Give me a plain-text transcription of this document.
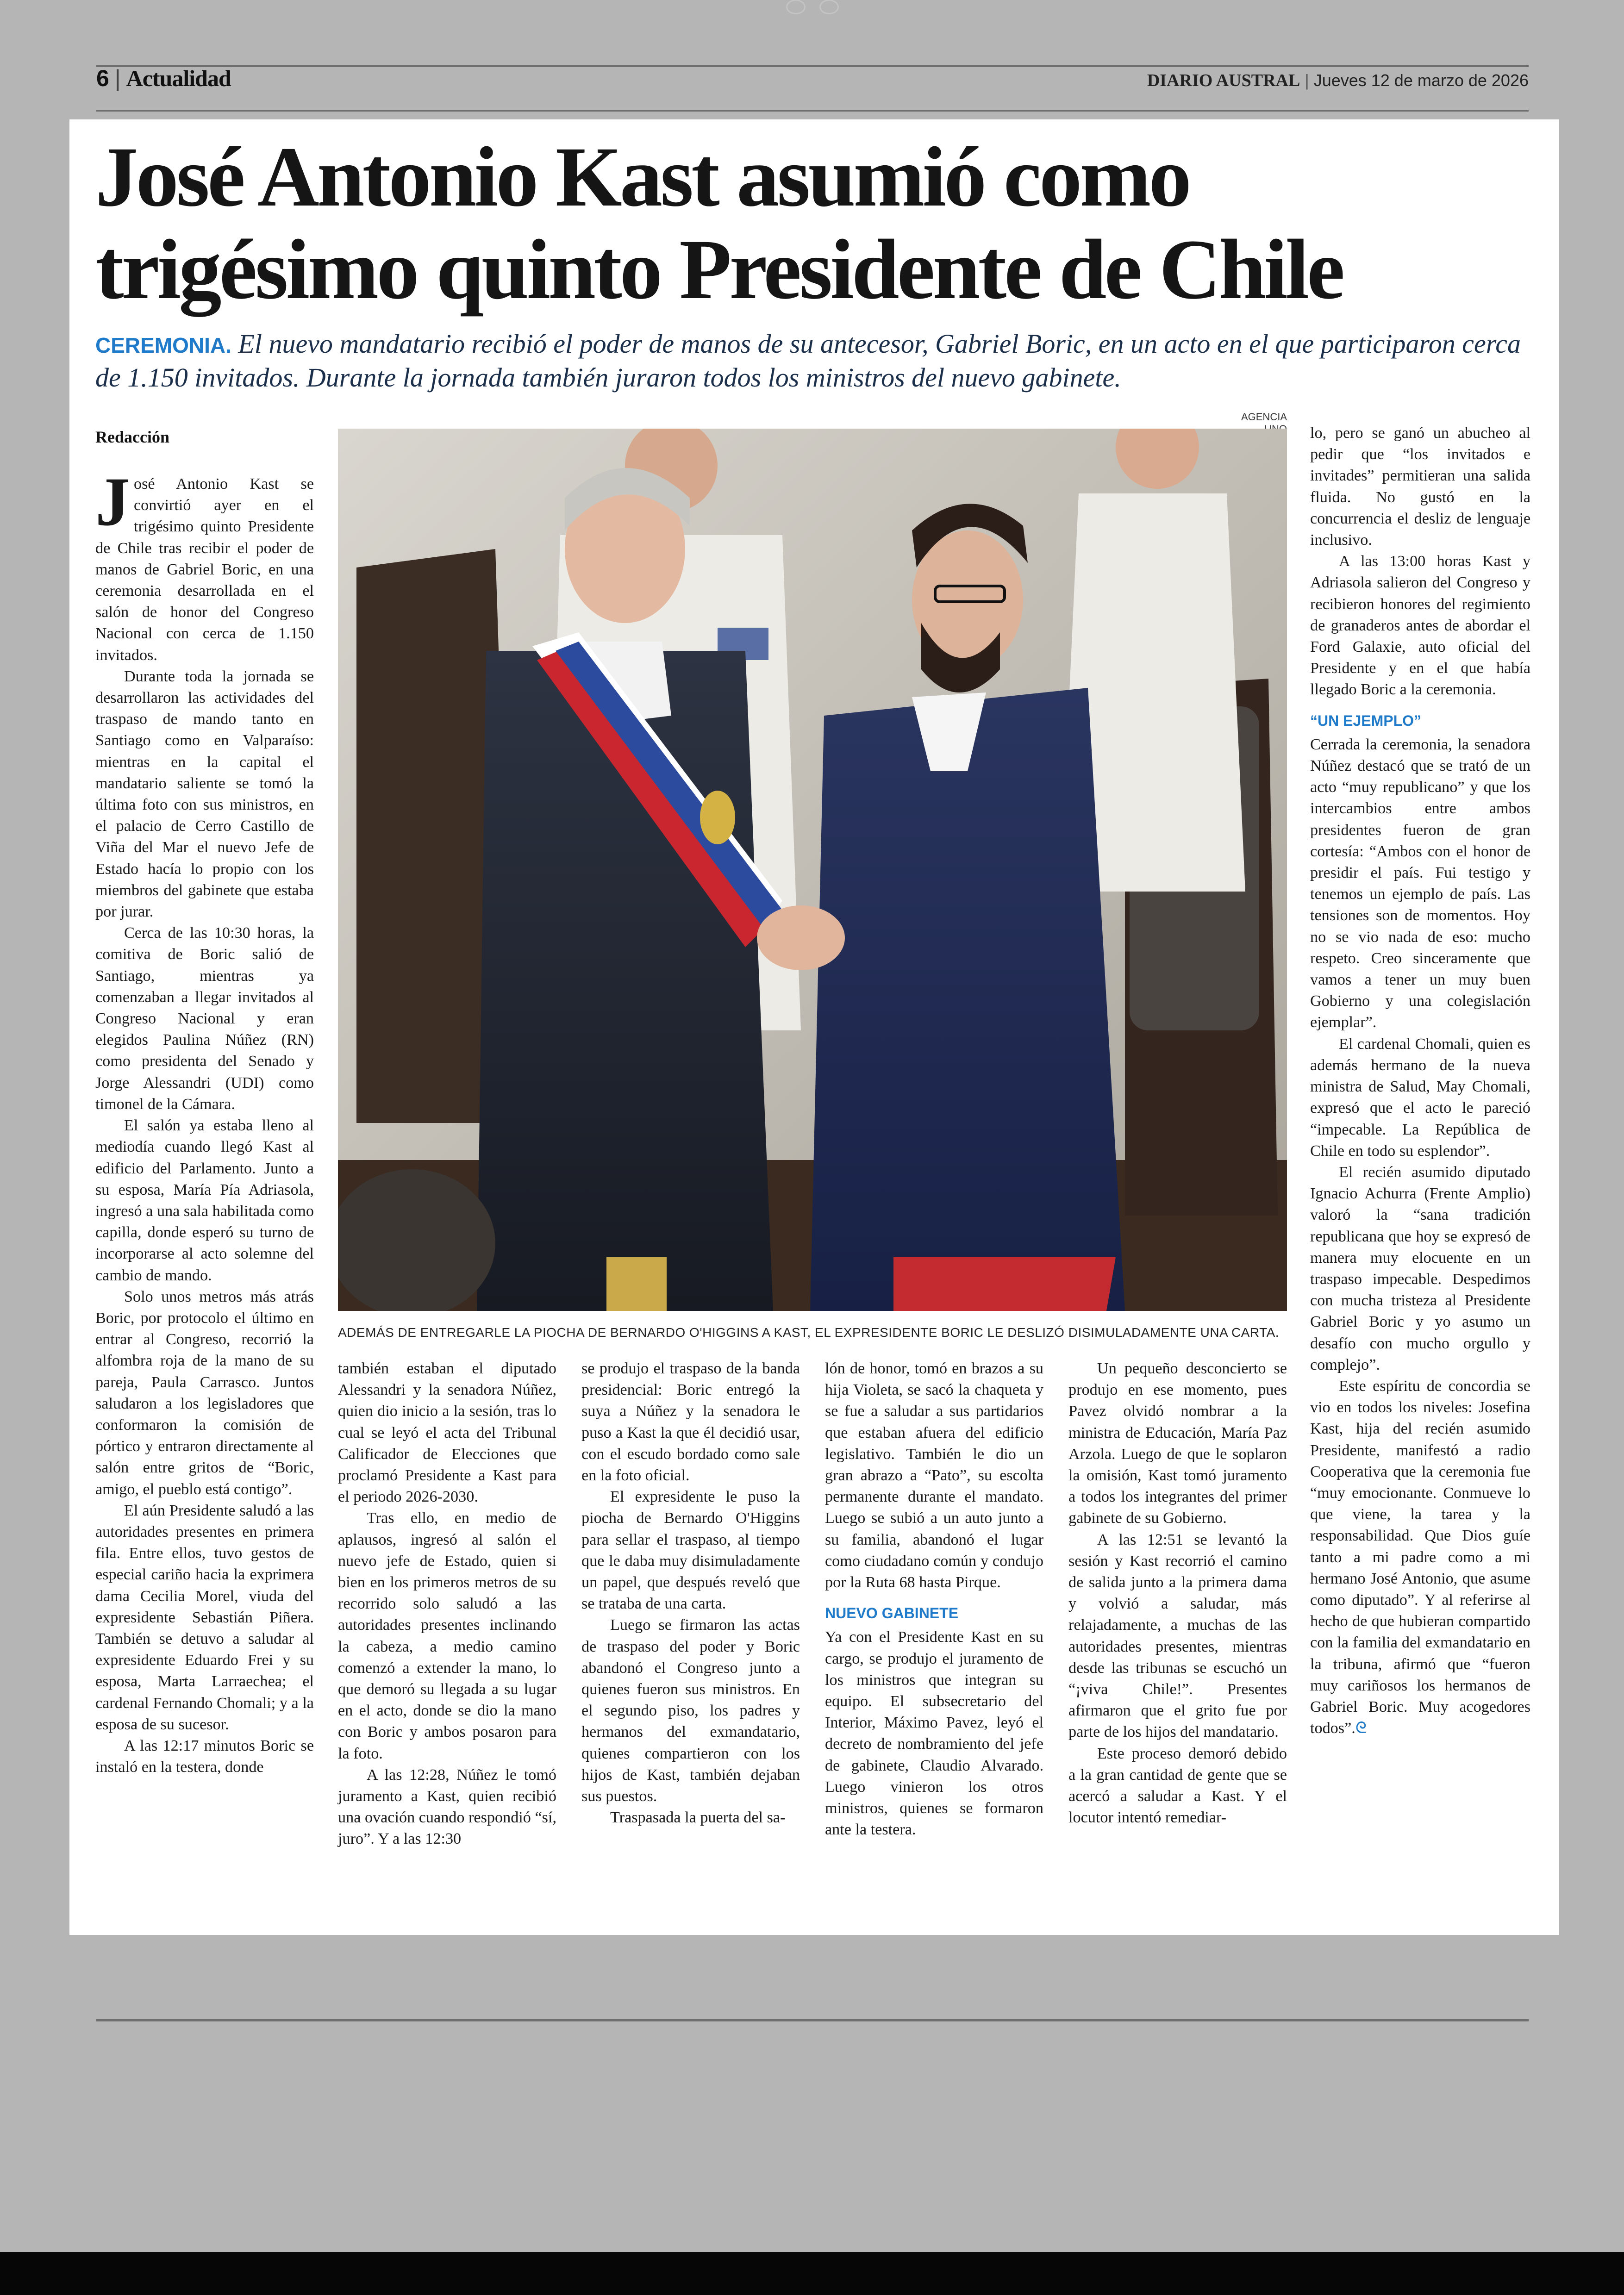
6 | Actualidad	DIARIO AUSTRAL | Jueves 12 de marzo de 2026
José Antonio Kast asumió como
trigésimo quinto Presidente de Chile
CEREMONIA. El nuevo mandatario recibió el poder de manos de su antecesor, Gabriel Boric, en un acto en el que participaron cerca de 1.150 invitados. Durante la jornada también juraron todos los ministros del nuevo gabinete.
Redacción

José Antonio Kast se convirtió ayer en el trigésimo quinto Presidente de Chile tras recibir el poder de manos de Gabriel Boric, en una ceremonia desarrollada en el salón de honor del Congreso Nacional con cerca de 1.150 invitados.

Durante toda la jornada se desarrollaron las actividades del traspaso de mando tanto en Santiago como en Valparaíso: mientras en la capital el mandatario saliente se tomó la última foto con sus ministros, en el palacio de Cerro Castillo de Viña del Mar el nuevo Jefe de Estado hacía lo propio con los miembros del gabinete que estaba por jurar.

Cerca de las 10:30 horas, la comitiva de Boric salió de Santiago, mientras ya comenzaban a llegar invitados al Congreso Nacional y eran elegidos Paulina Núñez (RN) como presidenta del Senado y Jorge Alessandri (UDI) como timonel de la Cámara.

El salón ya estaba lleno al mediodía cuando llegó Kast al edificio del Parlamento. Junto a su esposa, María Pía Adriasola, ingresó a una sala habilitada como capilla, donde esperó su turno de incorporarse al acto solemne del cambio de mando.

Solo unos metros más atrás Boric, por protocolo el último en entrar al Congreso, recorrió la alfombra roja de la mano de su pareja, Paula Carrasco. Juntos saludaron a los legisladores que conformaron la comisión de pórtico y entraron directamente al salón entre gritos de “Boric, amigo, el pueblo está contigo”.

El aún Presidente saludó a las autoridades presentes en primera fila. Entre ellos, tuvo gestos de especial cariño hacia la exprimera dama Cecilia Morel, viuda del expresidente Sebastián Piñera. También se detuvo a saludar al expresidente Eduardo Frei y su esposa, Marta Larraechea; el cardenal Fernando Chomali; y a la esposa de su sucesor.

A las 12:17 minutos Boric se instaló en la testera, donde

AGENCIA
ADEMÁS DE ENTREGARLE LA PIOCHA DE BERNARDO O'HIGGINS A KAST, EL EXPRESIDENTE BORIC LE DESLIZÓ DISIMULADAMENTE UNA CARTA.

también estaban el diputado Alessandri y la senadora Núñez, quien dio inicio a la sesión, tras lo cual se leyó el acta del Tribunal Calificador de Elecciones que proclamó Presidente a Kast para el periodo 2026-2030.

Tras ello, en medio de aplausos, ingresó al salón el nuevo jefe de Estado, quien si bien en los primeros metros de su recorrido solo saludó a las autoridades presentes inclinando la cabeza, a medio camino comenzó a extender la mano, lo que demoró su llegada a su lugar en el acto, donde se dio la mano con Boric y ambos posaron para la foto.

A las 12:28, Núñez le tomó juramento a Kast, quien recibió una ovación cuando respondió “sí, juro”. Y a las 12:30

se produjo el traspaso de la banda presidencial: Boric entregó la suya a Núñez y la senadora le puso a Kast la que él decidió usar, con el escudo bordado como sale en la foto oficial.

El expresidente le puso la piocha de Bernardo O'Higgins para sellar el traspaso, al tiempo que le daba muy disimuladamente un papel, que después reveló que se trataba de una carta.

Luego se firmaron las actas de traspaso del poder y Boric abandonó el Congreso junto a quienes fueron sus ministros. En el segundo piso, los padres y hermanos del exmandatario, quienes compartieron con los hijos de Kast, también dejaban sus puestos.

Traspasada la puerta del sa-

lón de honor, tomó en brazos a su hija Violeta, se sacó la chaqueta y se fue a saludar a sus partidarios que estaban afuera del edificio legislativo. También le dio un gran abrazo a “Pato”, su escolta permanente durante el mandato. Luego se subió a un auto junto a su familia, abandonó el lugar como ciudadano común y condujo por la Ruta 68 hasta Pirque.

NUEVO GABINETE

Ya con el Presidente Kast en su cargo, se produjo el juramento de los ministros que integran su equipo. El subsecretario del Interior, Máximo Pavez, leyó el decreto de nombramiento del jefe de gabinete, Claudio Alvarado. Luego vinieron los otros ministros, quienes se formaron ante la testera.

Un pequeño desconcierto se produjo en ese momento, pues Pavez olvidó nombrar a la ministra de Educación, María Paz Arzola. Luego de que le soplaron la omisión, Kast tomó juramento a todos los integrantes del primer gabinete de su Gobierno.

A las 12:51 se levantó la sesión y Kast recorrió el camino de salida junto a la primera dama y volvió a saludar, más relajadamente, a muchas de las autoridades presentes, mientras desde las tribunas se escuchó un “¡viva Chile!”. Presentes afirmaron que el grito fue por parte de los hijos del mandatario.

Este proceso demoró debido a la gran cantidad de gente que se acercó a saludar a Kast. Y el locutor intentó remediar-

lo, pero se ganó un abucheo al pedir que “los invitados e invitades” permitieran una salida fluida. No gustó en la concurrencia el desliz de lenguaje inclusivo.

A las 13:00 horas Kast y Adriasola salieron del Congreso y recibieron honores del regimiento de granaderos antes de abordar el Ford Galaxie, auto oficial del Presidente y en el que había llegado Boric a la ceremonia.

“UN EJEMPLO”

Cerrada la ceremonia, la senadora Núñez destacó que se trató de un acto “muy republicano” y que los intercambios entre ambos presidentes fueron de gran cortesía: “Ambos con el honor de presidir el país. Fui testigo y tenemos un ejemplo de país. Las tensiones son de momentos. Hoy no se vio nada de eso: mucho respeto. Creo sinceramente que vamos a tener un muy buen Gobierno y una colegislación ejemplar”.

El cardenal Chomali, quien es además hermano de la nueva ministra de Salud, May Chomali, expresó que el acto le pareció “impecable. La República de Chile en todo su esplendor”.

El recién asumido diputado Ignacio Achurra (Frente Amplio) valoró la “sana tradición republicana que hoy se expresó de manera muy elocuente en un traspaso impecable. Despedimos con mucha tristeza al Presidente Gabriel Boric y yo asumo un desafío con mucho orgullo y complejo”.

Este espíritu de concordia se vio en todos los niveles: Josefina Kast, hija del recién asumido Presidente, manifestó a radio Cooperativa que la ceremonia fue “muy emocionante. Conmueve lo que viene, la tarea y la responsabilidad. Que Dios guíe tanto a mi padre como a mi hermano José Antonio, que asume como diputado”. Y al referirse al hecho de que hubieran compartido con la familia del exmandatario en la tribuna, afirmó que “fueron muy cariñosos los hermanos de Gabriel Boric. Muy acogedores todos”.ᘓ
